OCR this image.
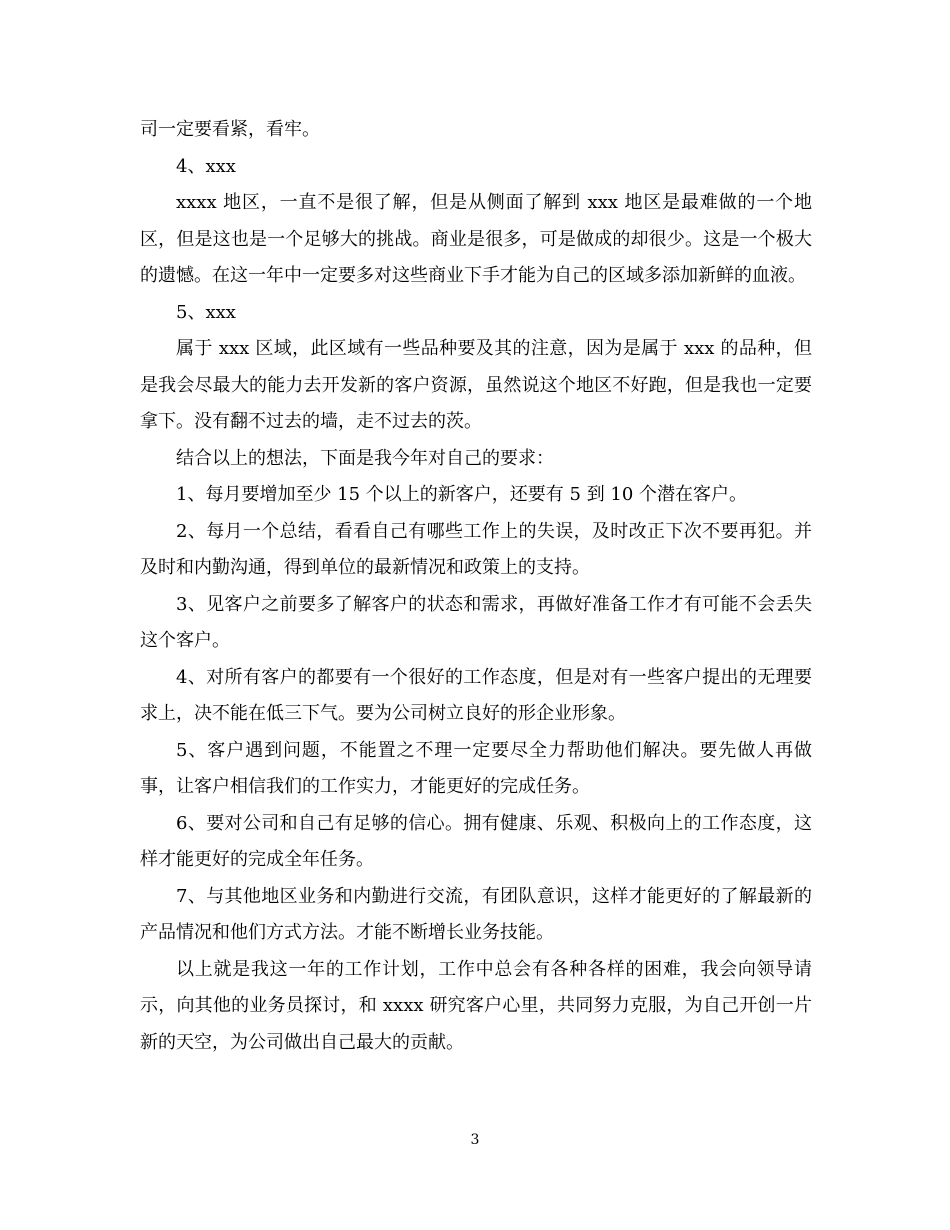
司一定要看紧，看牢。

4、xxx

xxxx 地区，一直不是很了解，但是从侧面了解到 xxx 地区是最难做的一个地区，但是这也是一个足够大的挑战。商业是很多，可是做成的却很少。这是一个极大的遗憾。在这一年中一定要多对这些商业下手才能为自己的区域多添加新鲜的血液。

5、xxx

属于 xxx 区域，此区域有一些品种要及其的注意，因为是属于 xxx 的品种，但是我会尽最大的能力去开发新的客户资源，虽然说这个地区不好跑，但是我也一定要拿下。没有翻不过去的墙，走不过去的茨。

结合以上的想法，下面是我今年对自己的要求：

1、每月要增加至少 15 个以上的新客户，还要有 5 到 10 个潜在客户。

2、每月一个总结，看看自己有哪些工作上的失误，及时改正下次不要再犯。并及时和内勤沟通，得到单位的最新情况和政策上的支持。

3、见客户之前要多了解客户的状态和需求，再做好准备工作才有可能不会丢失这个客户。

4、对所有客户的都要有一个很好的工作态度，但是对有一些客户提出的无理要求上，决不能在低三下气。要为公司树立良好的形企业形象。

5、客户遇到问题，不能置之不理一定要尽全力帮助他们解决。要先做人再做事，让客户相信我们的工作实力，才能更好的完成任务。

6、要对公司和自己有足够的信心。拥有健康、乐观、积极向上的工作态度，这样才能更好的完成全年任务。

7、与其他地区业务和内勤进行交流，有团队意识，这样才能更好的了解最新的产品情况和他们方式方法。才能不断增长业务技能。

以上就是我这一年的工作计划，工作中总会有各种各样的困难，我会向领导请示，向其他的业务员探讨，和 xxxx 研究客户心里，共同努力克服，为自己开创一片新的天空，为公司做出自己最大的贡献。

3
